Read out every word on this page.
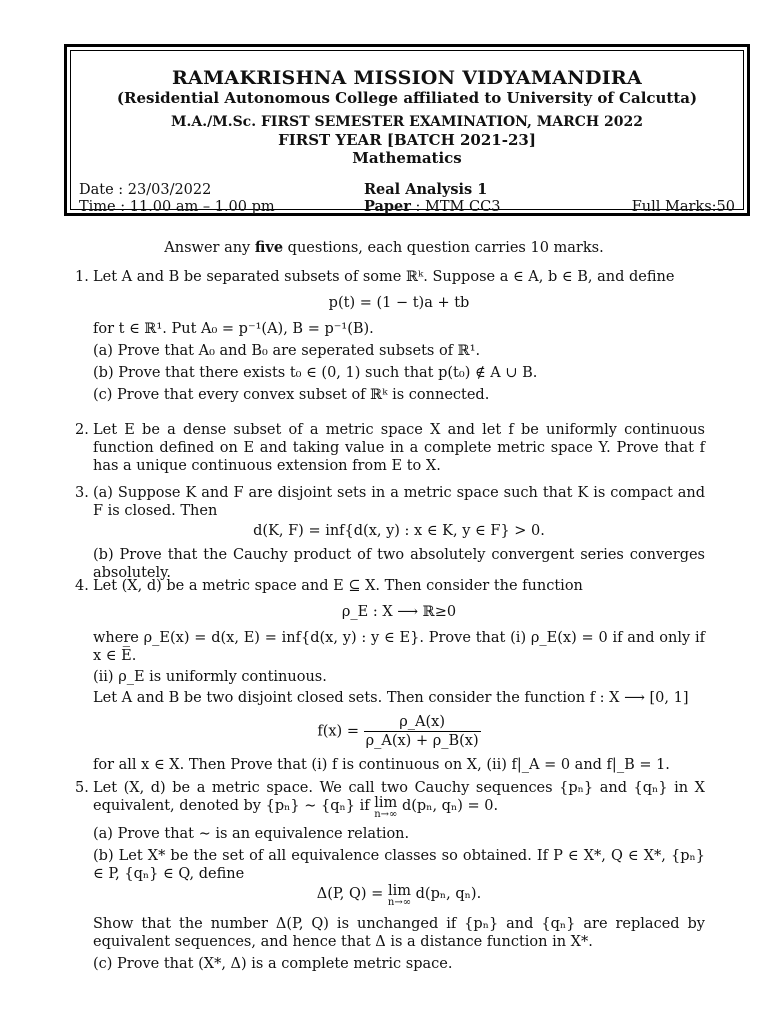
RAMAKRISHNA MISSION VIDYAMANDIRA
(Residential Autonomous College affiliated to University of Calcutta)
M.A./M.Sc. FIRST SEMESTER EXAMINATION, MARCH 2022
FIRST YEAR [BATCH 2021-23]
Mathematics
Date : 23/03/2022	Real Analysis 1
Time : 11.00 am – 1.00 pm	Paper : MTM CC3	Full Marks:50
Answer any five questions, each question carries 10 marks.
1. Let A and B be separated subsets of some ℝᵏ. Suppose a ∈ A, b ∈ B, and define
p(t) = (1 − t)a + tb
for t ∈ ℝ¹. Put A₀ = p⁻¹(A), B = p⁻¹(B).
(a) Prove that A₀ and B₀ are seperated subsets of ℝ¹.
(b) Prove that there exists t₀ ∈ (0, 1) such that p(t₀) ∉ A ∪ B.
(c) Prove that every convex subset of ℝᵏ is connected.
2. Let E be a dense subset of a metric space X and let f be uniformly continuous function defined on E and taking value in a complete metric space Y. Prove that f has a unique continuous extension from E to X.
3. (a) Suppose K and F are disjoint sets in a metric space such that K is compact and F is closed. Then
d(K, F) = inf{d(x, y) : x ∈ K, y ∈ F} > 0.
(b) Prove that the Cauchy product of two absolutely convergent series converges absolutely.
4. Let (X, d) be a metric space and E ⊆ X. Then consider the function
ρ_E : X ⟶ ℝ≥0
where ρ_E(x) = d(x, E) = inf{d(x, y) : y ∈ E}. Prove that (i) ρ_E(x) = 0 if and only if x ∈ E̅.
(ii) ρ_E is uniformly continuous.
Let A and B be two disjoint closed sets. Then consider the function f : X ⟶ [0, 1]
$f(x) = \frac{\rho\_A(x)}{\rho\_A(x) + \rho\_B(x)}$
for all x ∈ X. Then Prove that (i) f is continuous on X, (ii) f|_A = 0 and f|_B = 1.
5. Let (X, d) be a metric space. We call two Cauchy sequences {pₙ} and {qₙ} in X equivalent, denoted by {pₙ} ∼ {qₙ} if lim
n→∞
d(pₙ, qₙ) = 0.
(a) Prove that ∼ is an equivalence relation.
(b) Let X* be the set of all equivalence classes so obtained. If P ∈ X*, Q ∈ X*, {pₙ} ∈ P, {qₙ} ∈ Q, define
Δ(P, Q) = lim
n→∞
d(pₙ, qₙ).
Show that the number Δ(P, Q) is unchanged if {pₙ} and {qₙ} are replaced by equivalent sequences, and hence that Δ is a distance function in X*.
(c) Prove that (X*, Δ) is a complete metric space.
